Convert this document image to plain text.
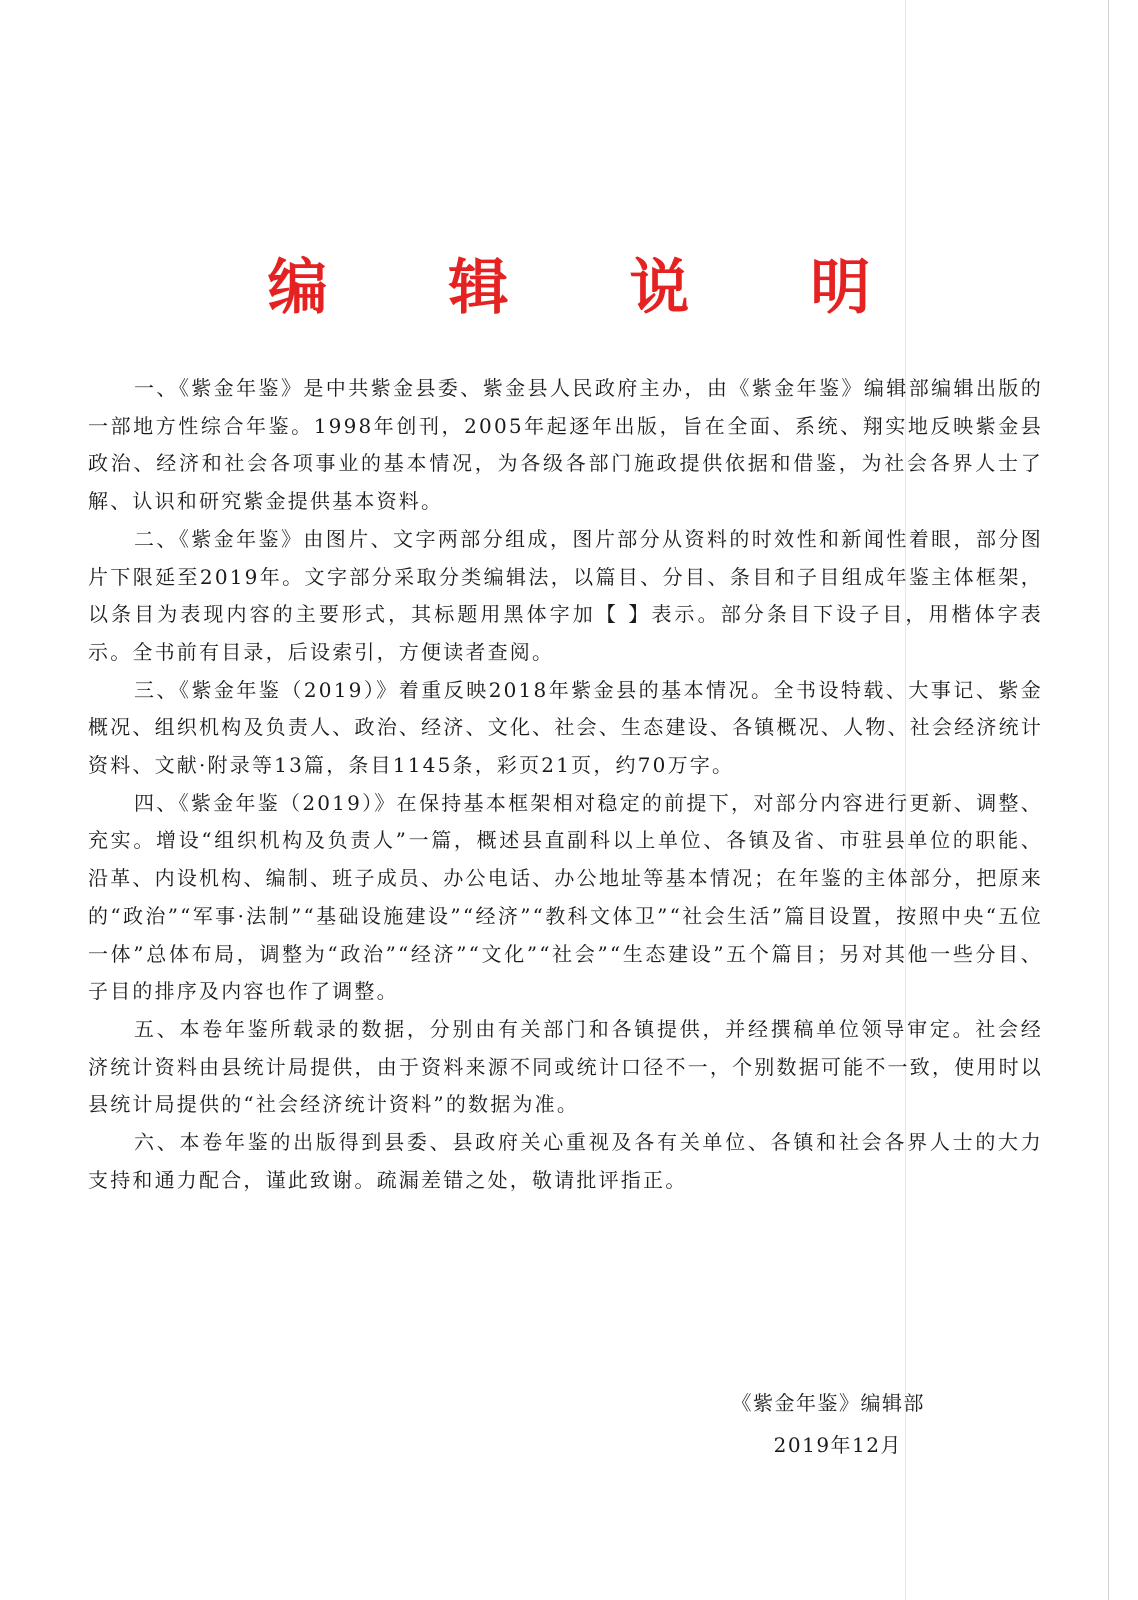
编 辑 说 明

一、《紫金年鉴》是中共紫金县委、紫金县人民政府主办，由《紫金年鉴》编辑部编辑出版的一部地方性综合年鉴。1998年创刊，2005年起逐年出版，旨在全面、系统、翔实地反映紫金县政治、经济和社会各项事业的基本情况，为各级各部门施政提供依据和借鉴，为社会各界人士了解、认识和研究紫金提供基本资料。

二、《紫金年鉴》由图片、文字两部分组成，图片部分从资料的时效性和新闻性着眼，部分图片下限延至2019年。文字部分采取分类编辑法，以篇目、分目、条目和子目组成年鉴主体框架，以条目为表现内容的主要形式，其标题用黑体字加【 】表示。部分条目下设子目，用楷体字表示。全书前有目录，后设索引，方便读者查阅。

三、《紫金年鉴（2019）》着重反映2018年紫金县的基本情况。全书设特载、大事记、紫金概况、组织机构及负责人、政治、经济、文化、社会、生态建设、各镇概况、人物、社会经济统计资料、文献·附录等13篇，条目1145条，彩页21页，约70万字。

四、《紫金年鉴（2019）》在保持基本框架相对稳定的前提下，对部分内容进行更新、调整、充实。增设“组织机构及负责人”一篇，概述县直副科以上单位、各镇及省、市驻县单位的职能、沿革、内设机构、编制、班子成员、办公电话、办公地址等基本情况；在年鉴的主体部分，把原来的“政治”“军事·法制”“基础设施建设”“经济”“教科文体卫”“社会生活”篇目设置，按照中央“五位一体”总体布局，调整为“政治”“经济”“文化”“社会”“生态建设”五个篇目；另对其他一些分目、子目的排序及内容也作了调整。

五、本卷年鉴所载录的数据，分别由有关部门和各镇提供，并经撰稿单位领导审定。社会经济统计资料由县统计局提供，由于资料来源不同或统计口径不一，个别数据可能不一致，使用时以县统计局提供的“社会经济统计资料”的数据为准。

六、本卷年鉴的出版得到县委、县政府关心重视及各有关单位、各镇和社会各界人士的大力支持和通力配合，谨此致谢。疏漏差错之处，敬请批评指正。

《紫金年鉴》编辑部
2019年12月
